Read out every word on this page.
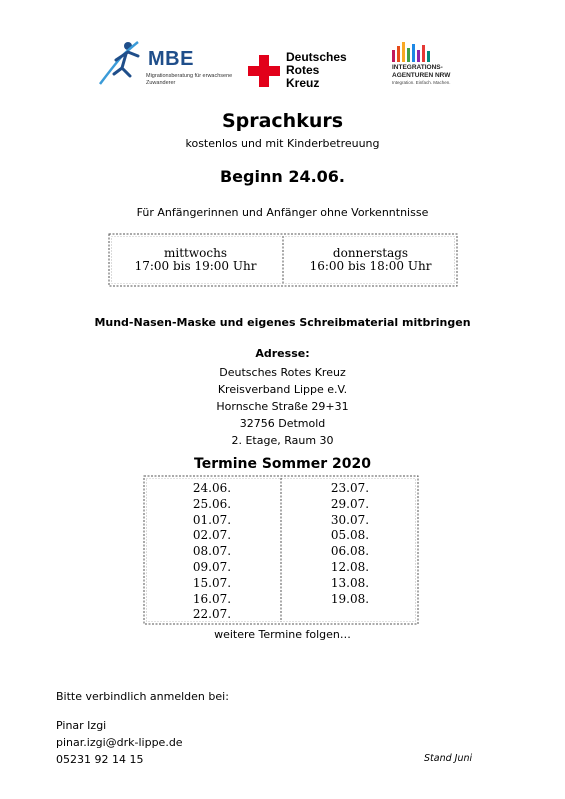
MBE
Migrationsberatung für erwachsene Zuwanderer
Deutsches
Rotes
Kreuz
INTEGRATIONS-
AGENTUREN NRW
Integration. Einfach. Machen.
Sprachkurs
kostenlos und mit Kinderbetreuung
Beginn 24.06.
Für Anfängerinnen und Anfänger ohne Vorkenntnisse
mittwochs
17:00 bis 19:00 Uhr
donnerstags
16:00 bis 18:00 Uhr
Mund-Nasen-Maske und eigenes Schreibmaterial mitbringen
Adresse:
Deutsches Rotes Kreuz
Kreisverband Lippe e.V.
Hornsche Straße 29+31
32756 Detmold
2. Etage, Raum 30
Termine Sommer 2020
24.06.
25.06.
01.07.
02.07.
08.07.
09.07.
15.07.
16.07.
22.07.
23.07.
29.07.
30.07.
05.08.
06.08.
12.08.
13.08.
19.08.
weitere Termine folgen…
Bitte verbindlich anmelden bei:
Pinar Izgi
pinar.izgi@drk-lippe.de
05231 92 14 15	Stand Juni
